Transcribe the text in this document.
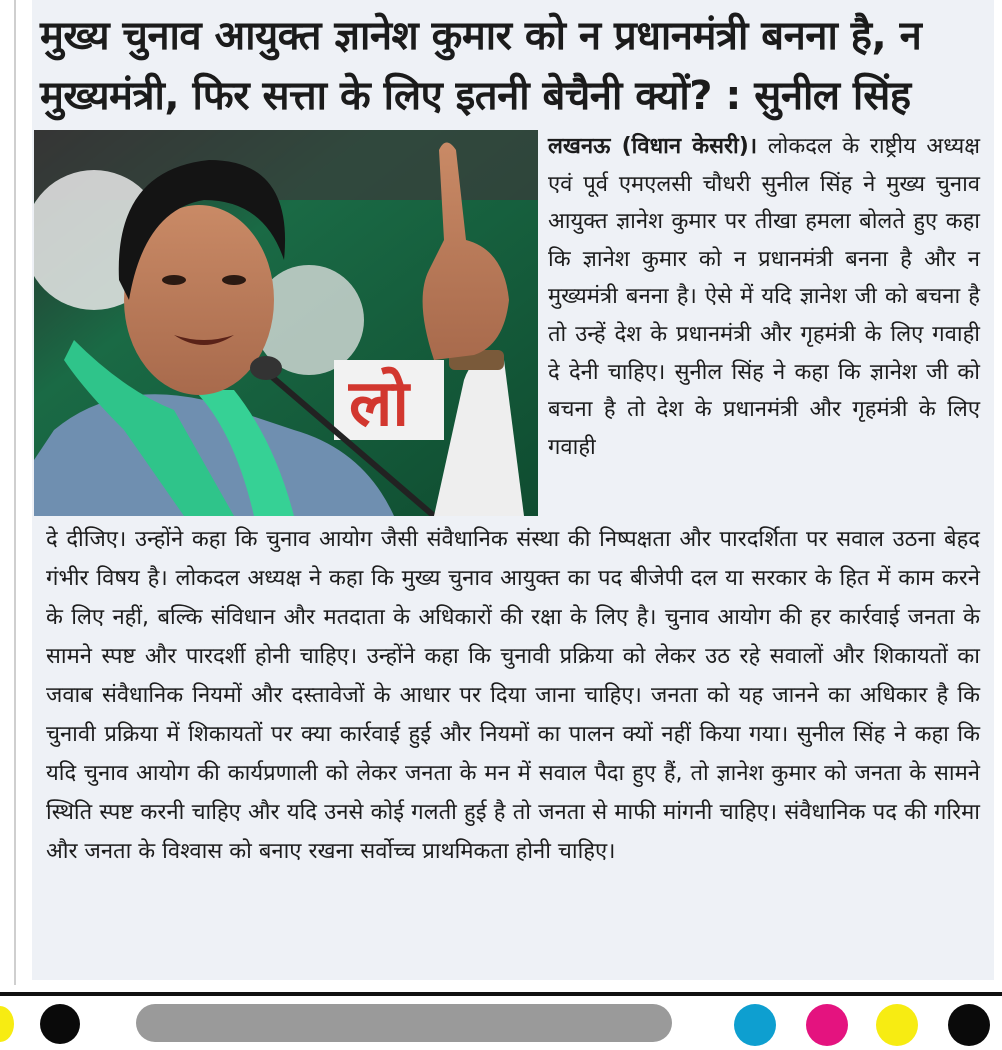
मुख्य चुनाव आयुक्त ज्ञानेश कुमार को न प्रधानमंत्री बनना है, न मुख्यमंत्री, फिर सत्ता के लिए इतनी बेचैनी क्यों? : सुनील सिंह
लो
लखनऊ (विधान केसरी)। लोकदल के राष्ट्रीय अध्यक्ष एवं पूर्व एमएलसी चौधरी सुनील सिंह ने मुख्य चुनाव आयुक्त ज्ञानेश कुमार पर तीखा हमला बोलते हुए कहा कि ज्ञानेश कुमार को न प्रधानमंत्री बनना है और न मुख्यमंत्री बनना है। ऐसे में यदि ज्ञानेश जी को बचना है तो उन्हें देश के प्रधानमंत्री और गृहमंत्री के लिए गवाही दे देनी चाहिए। सुनील सिंह ने कहा कि ज्ञानेश जी को बचना है तो देश के प्रधानमंत्री और गृहमंत्री के लिए गवाही
दे दीजिए। उन्होंने कहा कि चुनाव आयोग जैसी संवैधानिक संस्था की निष्पक्षता और पारदर्शिता पर सवाल उठना बेहद गंभीर विषय है। लोकदल अध्यक्ष ने कहा कि मुख्य चुनाव आयुक्त का पद बीजेपी दल या सरकार के हित में काम करने के लिए नहीं, बल्कि संविधान और मतदाता के अधिकारों की रक्षा के लिए है। चुनाव आयोग की हर कार्रवाई जनता के सामने स्पष्ट और पारदर्शी होनी चाहिए। उन्होंने कहा कि चुनावी प्रक्रिया को लेकर उठ रहे सवालों और शिकायतों का जवाब संवैधानिक नियमों और दस्तावेजों के आधार पर दिया जाना चाहिए। जनता को यह जानने का अधिकार है कि चुनावी प्रक्रिया में शिकायतों पर क्या कार्रवाई हुई और नियमों का पालन क्यों नहीं किया गया। सुनील सिंह ने कहा कि यदि चुनाव आयोग की कार्यप्रणाली को लेकर जनता के मन में सवाल पैदा हुए हैं, तो ज्ञानेश कुमार को जनता के सामने स्थिति स्पष्ट करनी चाहिए और यदि उनसे कोई गलती हुई है तो जनता से माफी मांगनी चाहिए। संवैधानिक पद की गरिमा और जनता के विश्वास को बनाए रखना सर्वोच्च प्राथमिकता होनी चाहिए।
